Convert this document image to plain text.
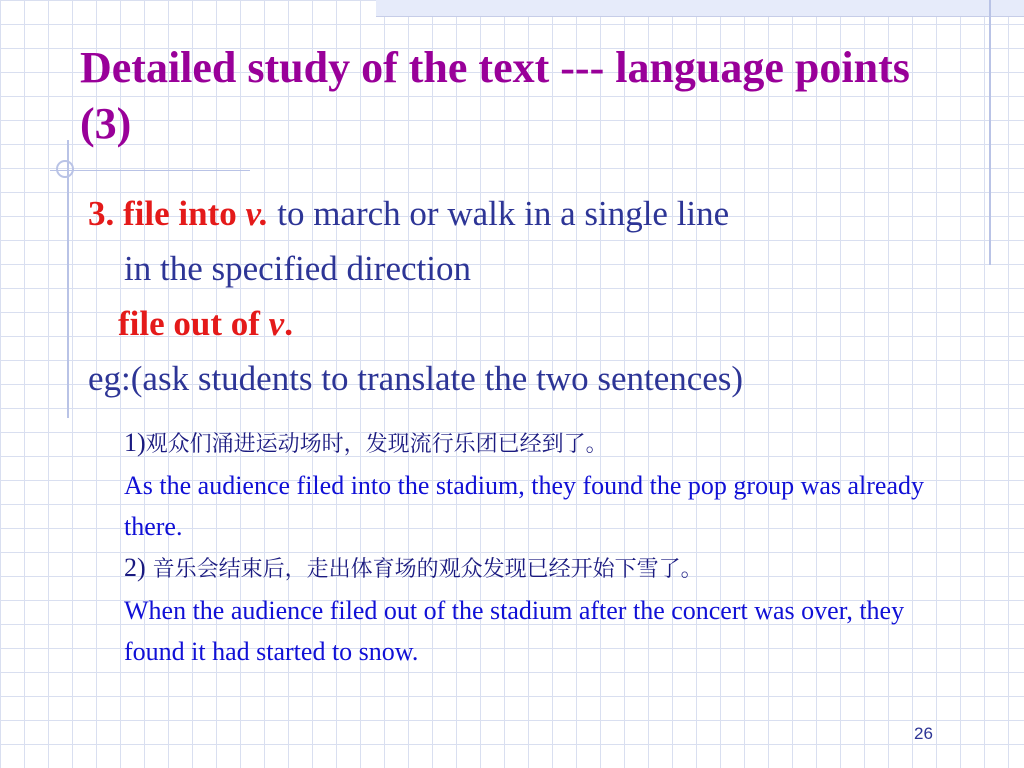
Detailed study of the text --- language points (3)
3. file into v. to march or walk in a single line
in the specified direction
file out of v.
eg:(ask students to translate the two sentences)
1)观众们涌进运动场时，发现流行乐团已经到了。
As the audience filed into the stadium, they found the pop group was already there.
2) 音乐会结束后，走出体育场的观众发现已经开始下雪了。
When the audience filed out of the stadium after the concert was over, they found it had started to snow.
26
